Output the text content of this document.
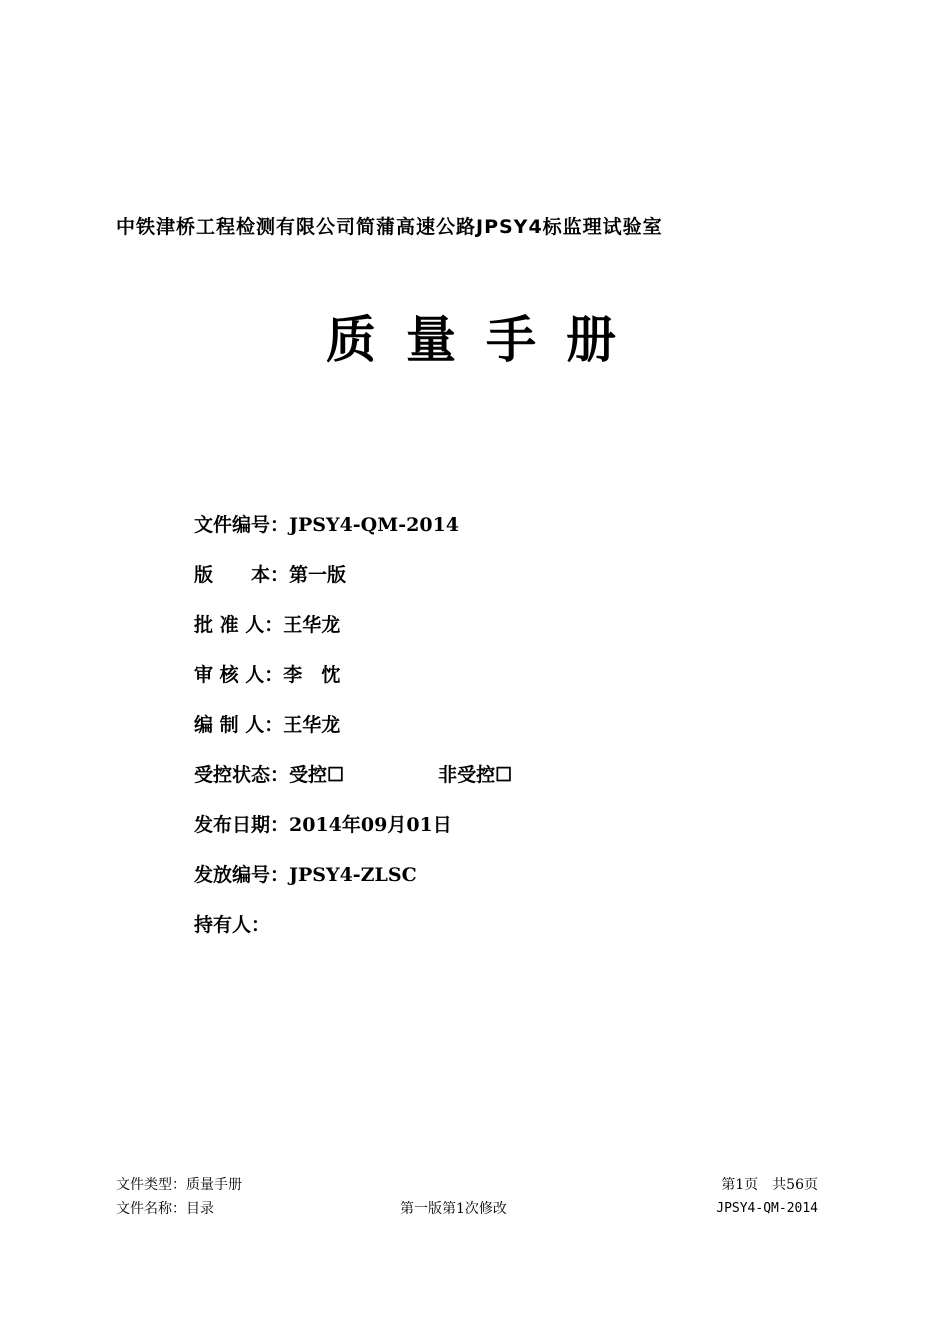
中铁津桥工程检测有限公司简蒲高速公路JPSY4标监理试验室
质量手册
文件编号： JPSY4-QM-2014
版　　本： 第一版
批 准 人： 王华龙
审 核 人： 李　忱
编 制 人： 王华龙
受控状态： 受控☐	非受控☐
发布日期： 2014年09月01日
发放编号： JPSY4-ZLSC
持有人：
文件类型：质量手册	第1页　共56页
文件名称：目录	第一版第1次修改	JPSY4-QM-2014
